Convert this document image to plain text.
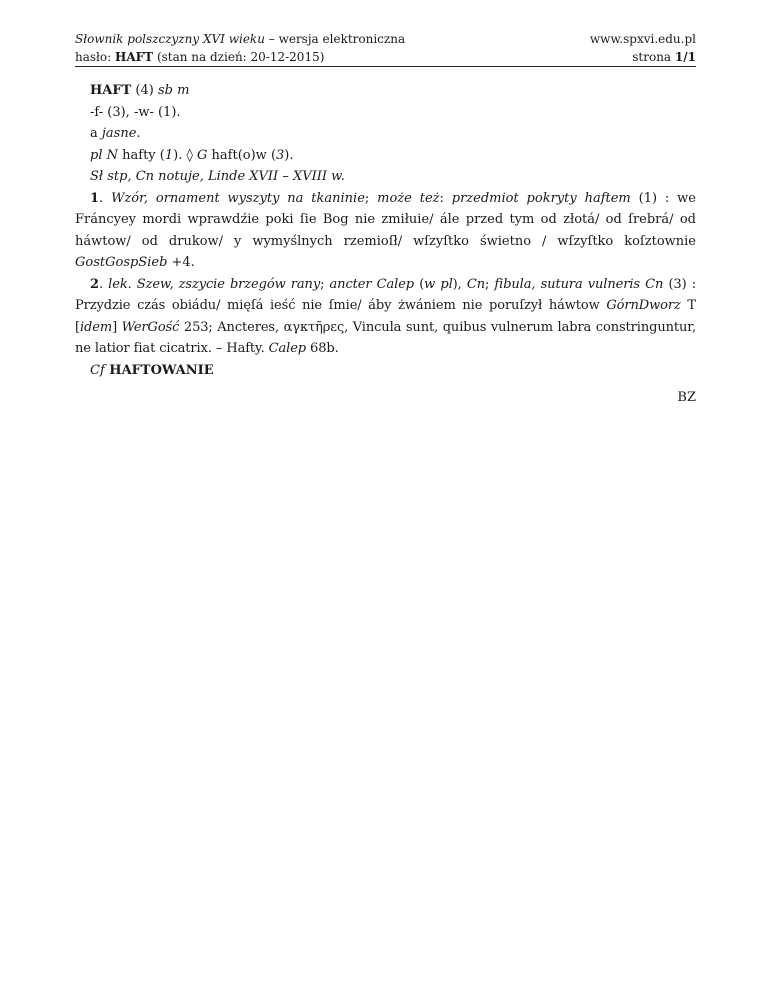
Słownik polszczyzny XVI wieku – wersja elektroniczna	www.spxvi.edu.pl
hasło: HAFT (stan na dzień: 20-12-2015)	strona 1/1
HAFT (4) sb m
-f- (3), -w- (1).
a jasne.
pl N hafty (1). ◊ G haft(o)w (3).
Sł stp, Cn notuje, Linde XVII – XVIII w.
1. Wzór, ornament wyszyty na tkaninie; może też: przedmiot pokryty haftem (1) : we Fráncyey mordi wprawdźie poki ſie Bog nie zmiłuie/ ále przed tym od złotá/ od ſrebrá/ od háwtow/ od drukow/ y wymyślnych rzemioſł/ wſzyſtko świetno / wſzyſtko koſztownie GostGospSieb +4.
2. lek. Szew, zszycie brzegów rany; ancter Calep (w pl), Cn; fibula, sutura vulneris Cn (3) : Przydzie czás obiádu/ mięſá ieść nie ſmie/ áby żwániem nie poruſzył háwtow GórnDworz T [idem] WerGość 253; Ancteres, αγκτῆρες, Vincula sunt, quibus vulnerum labra constringuntur, ne latior fiat cicatrix. – Hafty. Calep 68b.
Cf HAFTOWANIE
BZ
